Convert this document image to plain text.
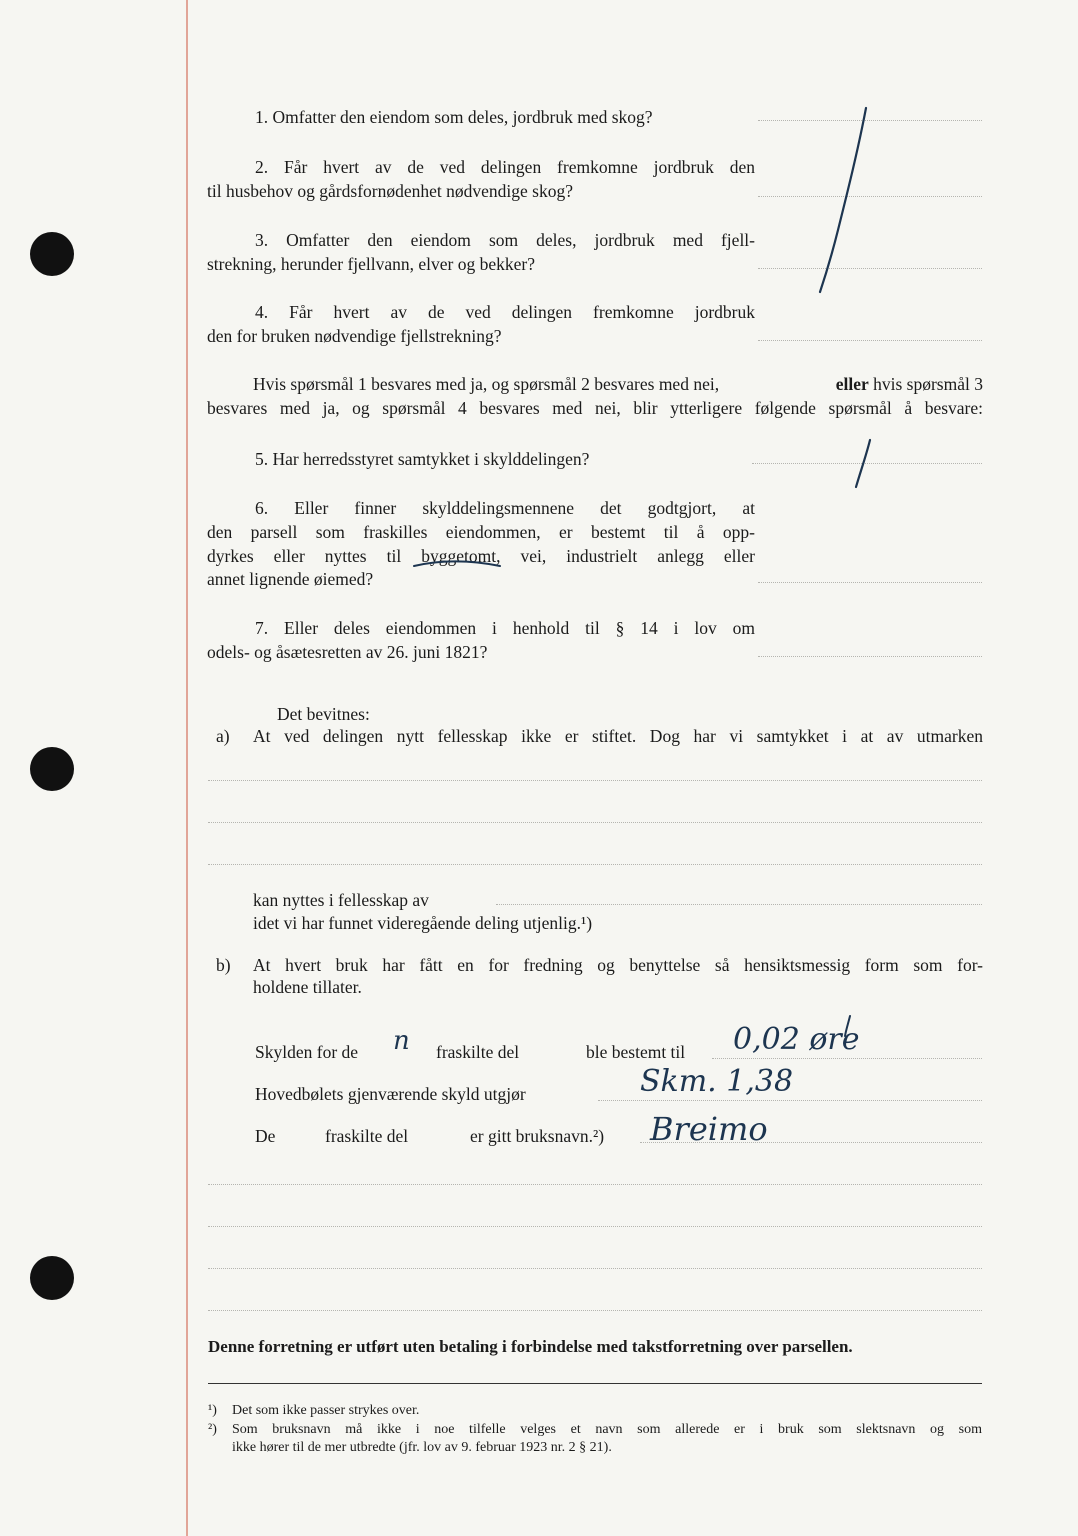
1. Omfatter den eiendom som deles, jordbruk med skog?
2. Får hvert av de ved delingen fremkomne jordbruk den
til husbehov og gårdsfornødenhet nødvendige skog?
3. Omfatter den eiendom som deles, jordbruk med fjell-
strekning, herunder fjellvann, elver og bekker?
4. Får hvert av de ved delingen fremkomne jordbruk
den for bruken nødvendige fjellstrekning?
Hvis spørsmål 1 besvares med ja, og spørsmål 2 besvares med nei,	eller hvis spørsmål 3
besvares med ja, og spørsmål 4 besvares med nei, blir ytterligere følgende spørsmål å besvare:
5. Har herredsstyret samtykket i skylddelingen?
6. Eller finner skylddelingsmennene det godtgjort, at
den parsell som fraskilles eiendommen, er bestemt til å opp-
dyrkes eller nyttes til byggetomt, vei, industrielt anlegg eller
annet lignende øiemed?
7. Eller deles eiendommen i henhold til § 14 i lov om
odels- og åsætesretten av 26. juni 1821?
Det bevitnes:
a) At ved delingen nytt fellesskap ikke er stiftet. Dog har vi samtykket i at av utmarken
kan nyttes i fellesskap av
idet vi har funnet videregående deling utjenlig.¹)
b) At hvert bruk har fått en for fredning og benyttelse så hensiktsmessig form som for-
holdene tillater.
Skylden for de n fraskilte del	ble bestemt til 0,02 øre
Hovedbølets gjenværende skyld utgjør	Skm. 1,38
De	fraskilte del	er gitt bruksnavn.²) Breimo
Denne forretning er utført uten betaling i forbindelse med takstforretning over parsellen.
¹) Det som ikke passer strykes over.
²) Som bruksnavn må ikke i noe tilfelle velges et navn som allerede er i bruk som slektsnavn og som
ikke hører til de mer utbredte (jfr. lov av 9. februar 1923 nr. 2 § 21).
